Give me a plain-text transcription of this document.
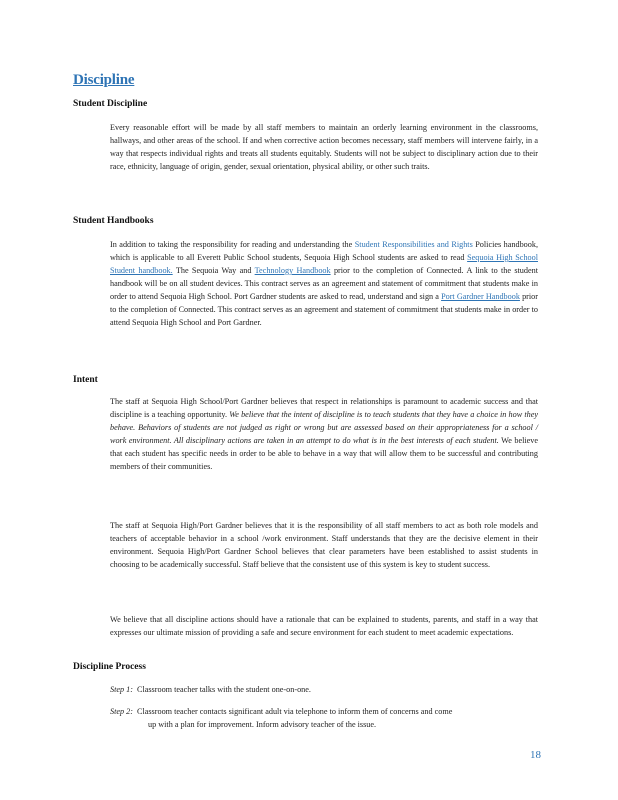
Discipline
Student Discipline
Every reasonable effort will be made by all staff members to maintain an orderly learning environment in the classrooms, hallways, and other areas of the school. If and when corrective action becomes necessary, staff members will intervene fairly, in a way that respects individual rights and treats all students equitably. Students will not be subject to disciplinary action due to their race, ethnicity, language of origin, gender, sexual orientation, physical ability, or other such traits.
Student Handbooks
In addition to taking the responsibility for reading and understanding the Student Responsibilities and Rights Policies handbook, which is applicable to all Everett Public School students, Sequoia High School students are asked to read Sequoia High School Student handbook. The Sequoia Way and Technology Handbook prior to the completion of Connected. A link to the student handbook will be on all student devices. This contract serves as an agreement and statement of commitment that students make in order to attend Sequoia High School. Port Gardner students are asked to read, understand and sign a Port Gardner Handbook prior to the completion of Connected. This contract serves as an agreement and statement of commitment that students make in order to attend Sequoia High School and Port Gardner.
Intent
The staff at Sequoia High School/Port Gardner believes that respect in relationships is paramount to academic success and that discipline is a teaching opportunity. We believe that the intent of discipline is to teach students that they have a choice in how they behave. Behaviors of students are not judged as right or wrong but are assessed based on their appropriateness for a school / work environment. All disciplinary actions are taken in an attempt to do what is in the best interests of each student. We believe that each student has specific needs in order to be able to behave in a way that will allow them to be successful and contributing members of their communities.
The staff at Sequoia High/Port Gardner believes that it is the responsibility of all staff members to act as both role models and teachers of acceptable behavior in a school /work environment. Staff understands that they are the decisive element in their environment. Sequoia High/Port Gardner School believes that clear parameters have been established to assist students in choosing to be academically successful. Staff believe that the consistent use of this system is key to student success.
We believe that all discipline actions should have a rationale that can be explained to students, parents, and staff in a way that expresses our ultimate mission of providing a safe and secure environment for each student to meet academic expectations.
Discipline Process
Step 1: Classroom teacher talks with the student one-on-one.
Step 2: Classroom teacher contacts significant adult via telephone to inform them of concerns and come
up with a plan for improvement. Inform advisory teacher of the issue.
18
